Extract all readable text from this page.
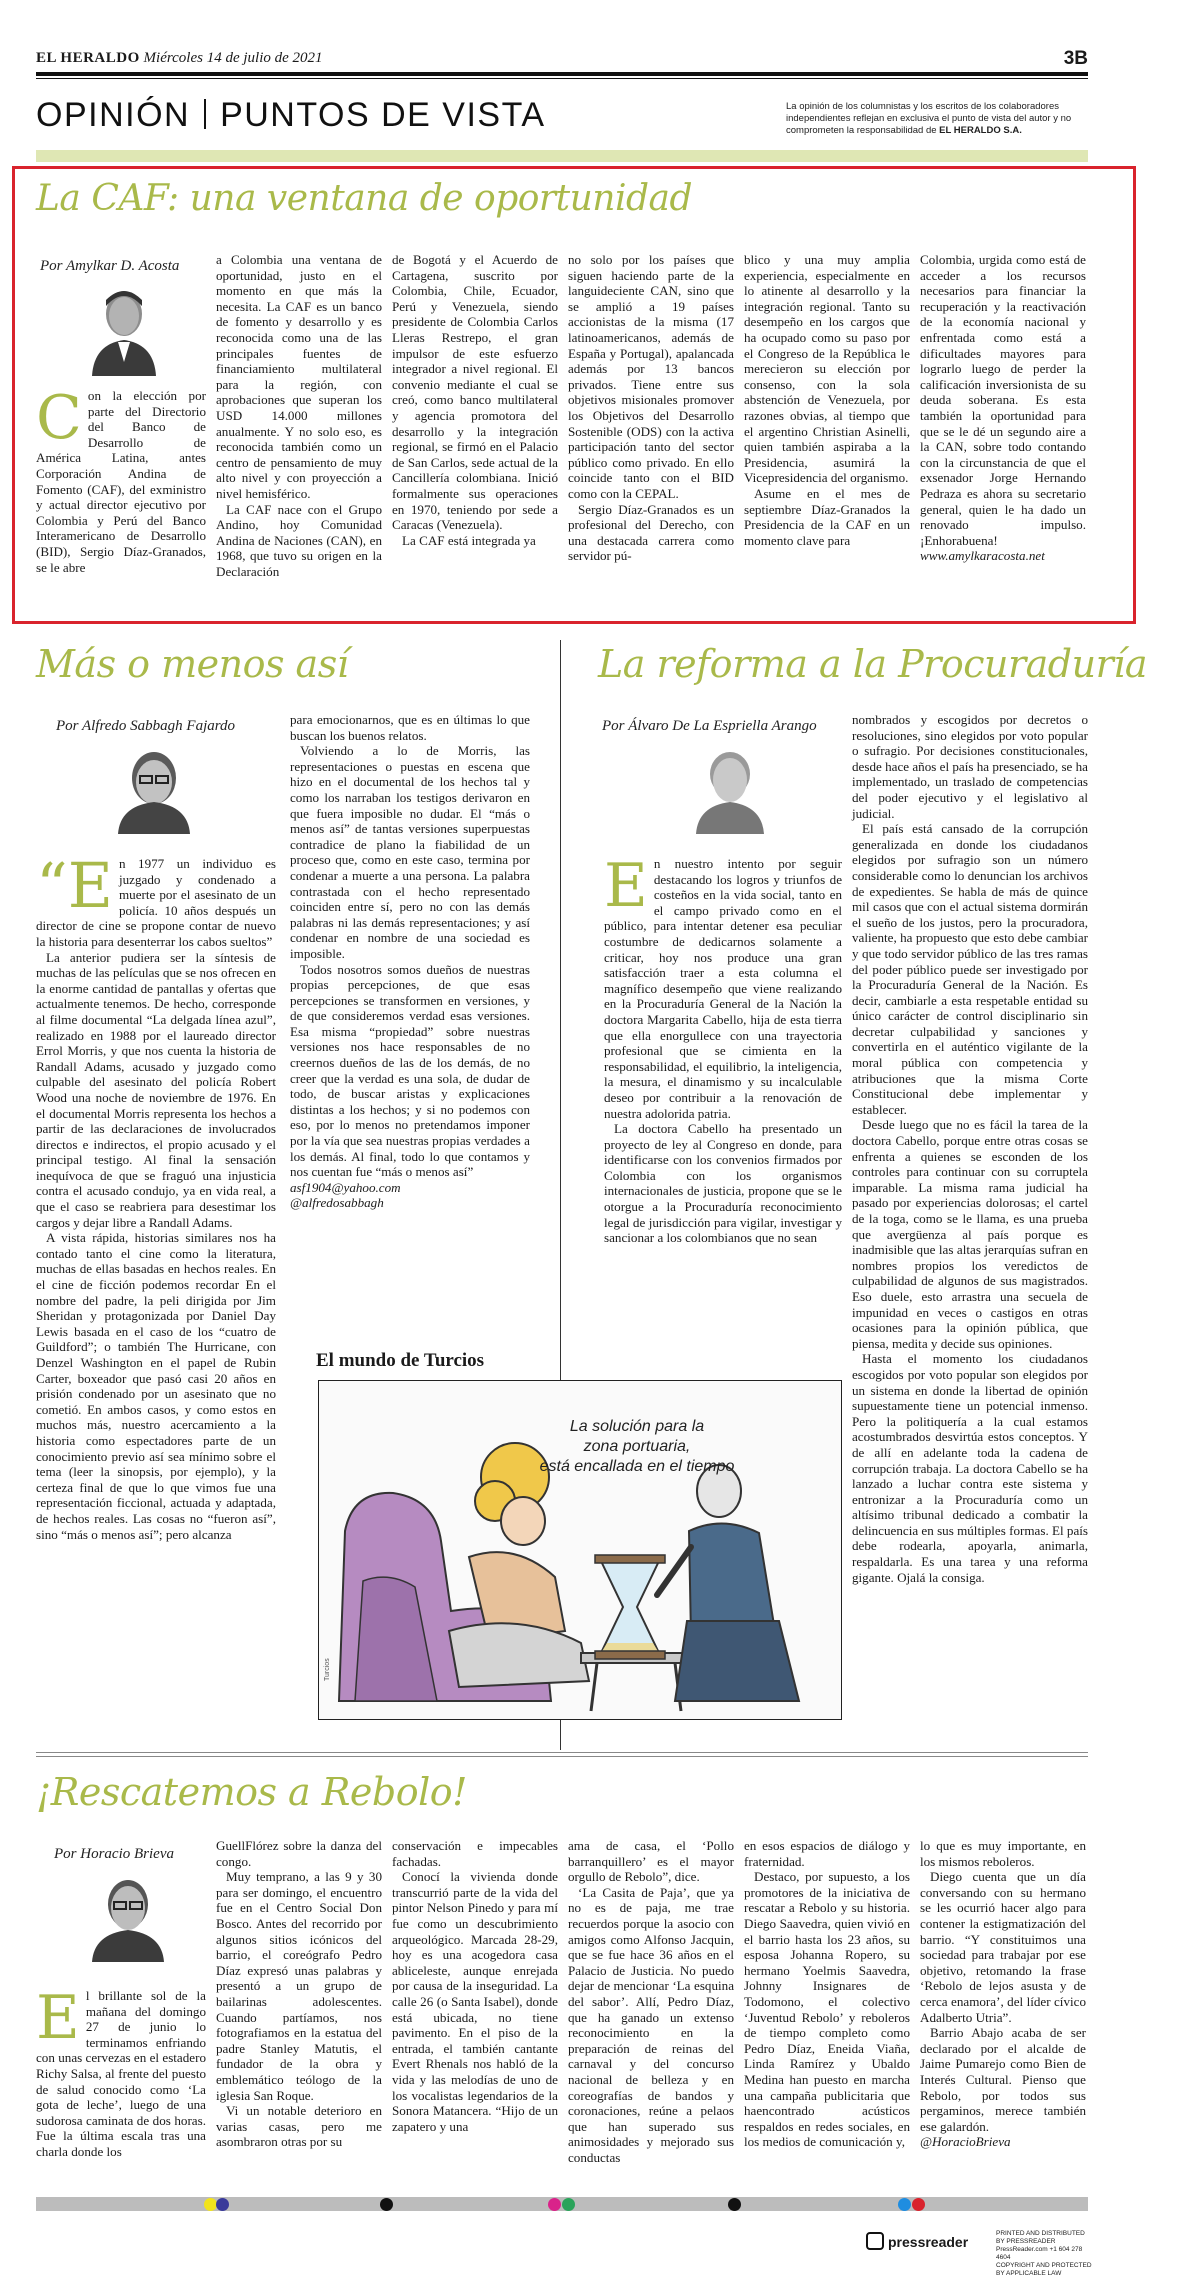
EL HERALDO Miércoles 14 de julio de 2021	3B
OPINIÓN PUNTOS DE VISTA	La opinión de los columnistas y los escritos de los colaboradores independientes reflejan en exclusiva el punto de vista del autor y no comprometen la responsabilidad de EL HERALDO S.A.
La CAF: una ventana de oportunidad
Por Amylkar D. Acosta
Con la elección por parte del Directorio del Banco de Desarrollo de América Latina, antes Corporación Andina de Fomento (CAF), del exministro y actual director ejecutivo por Colombia y Perú del Banco Interamericano de Desarrollo (BID), Sergio Díaz-Granados, se le abre

a Colombia una ventana de oportunidad, justo en el momento en que más la necesita. La CAF es un banco de fomento y desarrollo y es reconocida como una de las principales fuentes de financiamiento multilateral para la región, con aprobaciones que superan los USD 14.000 millones anualmente. Y no solo eso, es reconocida también como un centro de pensamiento de muy alto nivel y con proyección a nivel hemisférico.

La CAF nace con el Grupo Andino, hoy Comunidad Andina de Naciones (CAN), en 1968, que tuvo su origen en la Declaración

de Bogotá y el Acuerdo de Cartagena, suscrito por Colombia, Chile, Ecuador, Perú y Venezuela, siendo presidente de Colombia Carlos Lleras Restrepo, el gran impulsor de este esfuerzo integrador a nivel regional. El convenio mediante el cual se creó, como banco multilateral y agencia promotora del desarrollo y la integración regional, se firmó en el Palacio de San Carlos, sede actual de la Cancillería colombiana. Inició formalmente sus operaciones en 1970, teniendo por sede a Caracas (Venezuela).

La CAF está integrada ya

no solo por los países que siguen haciendo parte de la languideciente CAN, sino que se amplió a 19 países accionistas de la misma (17 latinoamericanos, además de España y Portugal), apalancada además por 13 bancos privados. Tiene entre sus objetivos misionales promover los Objetivos del Desarrollo Sostenible (ODS) con la activa participación tanto del sector público como privado. En ello coincide tanto con el BID como con la CEPAL.

Sergio Díaz-Granados es un profesional del Derecho, con una destacada carrera como servidor pú-

blico y una muy amplia experiencia, especialmente en lo atinente al desarrollo y la integración regional. Tanto su desempeño en los cargos que ha ocupado como su paso por el Congreso de la República le merecieron su elección por consenso, con la sola abstención de Venezuela, por razones obvias, al tiempo que el argentino Christian Asinelli, quien también aspiraba a la Presidencia, asumirá la Vicepresidencia del organismo.

Asume en el mes de septiembre Díaz-Granados la Presidencia de la CAF en un momento clave para

Colombia, urgida como está de acceder a los recursos necesarios para financiar la recuperación y la reactivación de la economía nacional y enfrentada como está a dificultades mayores para lograrlo luego de perder la calificación inversionista de su deuda soberana. Es esta también la oportunidad para que se le dé un segundo aire a la CAN, sobre todo contando con la circunstancia de que el exsenador Jorge Hernando Pedraza es ahora su secretario general, quien le ha dado un renovado impulso. ¡Enhorabuena!

www.amylkaracosta.net

Más o menos así
Por Alfredo Sabbagh Fajardo

“E n 1977 un individuo es juzgado y condenado a muerte por el asesinato de un policía. 10 años después un director de cine se propone contar de nuevo la historia para desenterrar los cabos sueltos”

La anterior pudiera ser la síntesis de muchas de las películas que se nos ofrecen en la enorme cantidad de pantallas y ofertas que actualmente tenemos. De hecho, corresponde al filme documental “La delgada línea azul”, realizado en 1988 por el laureado director Errol Morris, y que nos cuenta la historia de Randall Adams, acusado y juzgado como culpable del asesinato del policía Robert Wood una noche de noviembre de 1976. En el documental Morris representa los hechos a partir de las declaraciones de involucrados directos e indirectos, el propio acusado y el principal testigo. Al final la sensación inequívoca de que se fraguó una injusticia contra el acusado condujo, ya en vida real, a que el caso se reabriera para desestimar los cargos y dejar libre a Randall Adams.

A vista rápida, historias similares nos ha contado tanto el cine como la literatura, muchas de ellas basadas en hechos reales. En el cine de ficción podemos recordar En el nombre del padre, la peli dirigida por Jim Sheridan y protagonizada por Daniel Day Lewis basada en el caso de los “cuatro de Guildford”; o también The Hurricane, con Denzel Washington en el papel de Rubin Carter, boxeador que pasó casi 20 años en prisión condenado por un asesinato que no cometió. En ambos casos, y como estos en muchos más, nuestro acercamiento a la historia como espectadores parte de un conocimiento previo así sea mínimo sobre el tema (leer la sinopsis, por ejemplo), y la certeza final de que lo que vimos fue una representación ficcional, actuada y adaptada, de hechos reales. Las cosas no “fueron así”, sino “más o menos así”; pero alcanza

para emocionarnos, que es en últimas lo que buscan los buenos relatos.

Volviendo a lo de Morris, las representaciones o puestas en escena que hizo en el documental de los hechos tal y como los narraban los testigos derivaron en que fuera imposible no dudar. El “más o menos así” de tantas versiones superpuestas contradice de plano la fiabilidad de un proceso que, como en este caso, termina por condenar a muerte a una persona. La palabra contrastada con el hecho representado coinciden entre sí, pero no con las demás palabras ni las demás representaciones; y así condenar en nombre de una sociedad es imposible.

Todos nosotros somos dueños de nuestras propias percepciones, de que esas percepciones se transformen en versiones, y de que consideremos verdad esas versiones. Esa misma “propiedad” sobre nuestras versiones nos hace responsables de no creernos dueños de las de los demás, de no creer que la verdad es una sola, de dudar de todo, de buscar aristas y explicaciones distintas a los hechos; y si no podemos con eso, por lo menos no pretendamos imponer por la vía que sea nuestras propias verdades a los demás. Al final, todo lo que contamos y nos cuentan fue “más o menos así”

asf1904@yahoo.com

@alfredosabbagh

La reforma a la Procuraduría
Por Álvaro De La Espriella Arango

En nuestro intento por seguir destacando los logros y triunfos de costeños en la vida social, tanto en el campo privado como en el público, para intentar detener esa peculiar costumbre de dedicarnos solamente a criticar, hoy nos produce una gran satisfacción traer a esta columna el magnífico desempeño que viene realizando en la Procuraduría General de la Nación la doctora Margarita Cabello, hija de esta tierra que ella enorgullece con una trayectoria profesional que se cimienta en la responsabilidad, el equilibrio, la inteligencia, la mesura, el dinamismo y su incalculable deseo por contribuir a la renovación de nuestra adolorida patria.

La doctora Cabello ha presentado un proyecto de ley al Congreso en donde, para identificarse con los convenios firmados por Colombia con los organismos internacionales de justicia, propone que se le otorgue a la Procuraduría reconocimiento legal de jurisdicción para vigilar, investigar y sancionar a los colombianos que no sean

nombrados y escogidos por decretos o resoluciones, sino elegidos por voto popular o sufragio. Por decisiones constitucionales, desde hace años el país ha presenciado, se ha implementado, un traslado de competencias del poder ejecutivo y el legislativo al judicial.

El país está cansado de la corrupción generalizada en donde los ciudadanos elegidos por sufragio son un número considerable como lo denuncian los archivos de expedientes. Se habla de más de quince mil casos que con el actual sistema dormirán el sueño de los justos, pero la procuradora, valiente, ha propuesto que esto debe cambiar y que todo servidor público de las tres ramas del poder público puede ser investigado por la Procuraduría General de la Nación. Es decir, cambiarle a esta respetable entidad su único carácter de control disciplinario sin decretar culpabilidad y sanciones y convertirla en el auténtico vigilante de la moral pública con competencia y atribuciones que la misma Corte Constitucional debe implementar y establecer.

Desde luego que no es fácil la tarea de la doctora Cabello, porque entre otras cosas se enfrenta a quienes se esconden de los controles para continuar con su corruptela imparable. La misma rama judicial ha pasado por experiencias dolorosas; el cartel de la toga, como se le llama, es una prueba que avergüenza al país porque es inadmisible que las altas jerarquías sufran en nombres propios los veredictos de culpabilidad de algunos de sus magistrados. Eso duele, esto arrastra una secuela de impunidad en veces o castigos en otras ocasiones para la opinión pública, que piensa, medita y decide sus opiniones.

Hasta el momento los ciudadanos escogidos por voto popular son elegidos por un sistema en donde la libertad de opinión supuestamente tiene un potencial inmenso. Pero la politiquería a la cual estamos acostumbrados desvirtúa estos conceptos. Y de allí en adelante toda la cadena de corrupción trabaja. La doctora Cabello se ha lanzado a luchar contra este sistema y entronizar a la Procuraduría como un altísimo tribunal dedicado a combatir la delincuencia en sus múltiples formas. El país debe rodearla, apoyarla, animarla, respaldarla. Es una tarea y una reforma gigante. Ojalá la consiga.

El mundo de Turcios
La solución para la
zona portuaria,
está encallada en el tiempo
Turcios
¡Rescatemos a Rebolo!
Por Horacio Brieva
El brillante sol de la mañana del domingo 27 de junio lo terminamos enfriando con unas cervezas en el estadero Richy Salsa, al frente del puesto de salud conocido como ‘La gota de leche’, luego de una sudorosa caminata de dos horas. Fue la última escala tras una charla donde los

GuellFlórez sobre la danza del congo.

Muy temprano, a las 9 y 30 para ser domingo, el encuentro fue en el Centro Social Don Bosco. Antes del recorrido por algunos sitios icónicos del barrio, el coreógrafo Pedro Díaz expresó unas palabras y presentó a un grupo de bailarinas adolescentes. Cuando partíamos, nos fotografiamos en la estatua del padre Stanley Matutis, el fundador de la obra y emblemático teólogo de la iglesia San Roque.

Vi un notable deterioro en varias casas, pero me asombraron otras por su

conservación e impecables fachadas.

Conocí la vivienda donde transcurrió parte de la vida del pintor Nelson Pinedo y para mí fue como un descubrimiento arqueológico. Marcada 28-29, hoy es una acogedora casa ablicelestе, aunque enrejada por causa de la inseguridad. La calle 26 (o Santa Isabel), donde está ubicada, no tiene pavimento. En el piso de la entrada, el también cantante Evert Rhenals nos habló de la vida y las melodías de uno de los vocalistas legendarios de la Sonora Matancera. “Hijo de un zapatero y una

ama de casa, el ‘Pollo barranquillero’ es el mayor orgullo de Rebolo”, dice.

‘La Casita de Paja’, que ya no es de paja, me trae recuerdos porque la asocio con amigos como Alfonso Jacquin, que se fue hace 36 años en el Palacio de Justicia. No puedo dejar de mencionar ‘La esquina del sabor’. Allí, Pedro Díaz, que ha ganado un extenso reconocimiento en la preparación de reinas del carnaval y del concurso nacional de belleza y en coreografías de bandos y coronaciones, reúne a pelaos que han superado sus animosidades y mejorado sus conductas

en esos espacios de diálogo y fraternidad.

Destaco, por supuesto, a los promotores de la iniciativa de rescatar a Rebolo y su historia. Diego Saavedra, quien vivió en el barrio hasta los 23 años, su esposa Johanna Ropero, su hermano Yoelmis Saavedra, Johnny Insignares de Todomono, el colectivo ‘Juventud Rebolo’ y reboleros de tiempo completo como Pedro Díaz, Eneida Viaña, Linda Ramírez y Ubaldo Medina han puesto en marcha una campaña publicitaria que haencontrado acústicos respaldos en redes sociales, en los medios de comunicación y,

lo que es muy importante, en los mismos reboleros.

Diego cuenta que un día conversando con su hermano se les ocurrió hacer algo para contener la estigmatización del barrio. “Y constituimos una sociedad para trabajar por ese objetivo, retomando la frase ‘Rebolo de lejos asusta y de cerca enamora’, del líder cívico Adalberto Utria”.

Barrio Abajo acaba de ser declarado por el alcalde de Jaime Pumarejo como Bien de Interés Cultural. Pienso que Rebolo, por todos sus pergaminos, merece también ese galardón.

@HoracioBrieva

pressreader
PRINTED AND DISTRIBUTED BY PRESSREADER
PressReader.com +1 604 278 4604
COPYRIGHT AND PROTECTED BY APPLICABLE LAW
